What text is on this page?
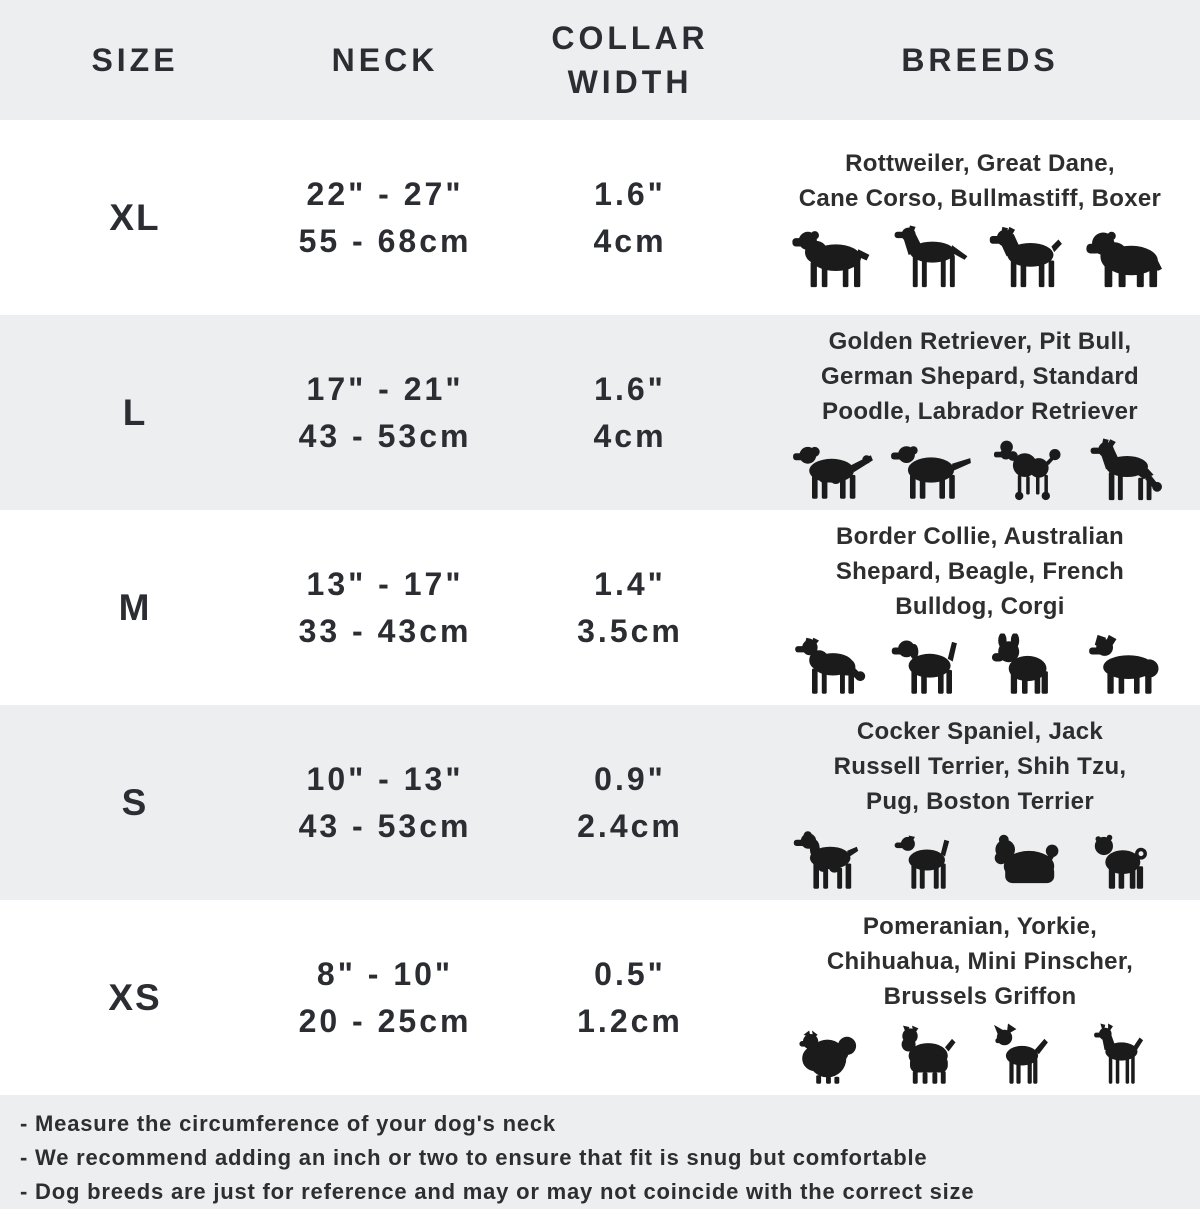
SIZE	NECK
COLLAR WIDTH
BREEDS
XL
22" - 27"
55 - 68cm
1.6"
4cm

Rottweiler, Great Dane,
Cane Corso, Bullmastiff, Boxer

L
17" - 21"
43 - 53cm
1.6"
4cm

Golden Retriever, Pit Bull,
German Shepard, Standard
Poodle, Labrador Retriever

M
13" - 17"
33 - 43cm
1.4"
3.5cm

Border Collie, Australian
Shepard, Beagle, French
Bulldog, Corgi

S
10" - 13"
43 - 53cm
0.9"
2.4cm

Cocker Spaniel, Jack
Russell Terrier, Shih Tzu,
Pug, Boston Terrier

XS
8" - 10"
20 - 25cm
0.5"
1.2cm

Pomeranian, Yorkie,
Chihuahua, Mini Pinscher,
Brussels Griffon

- Measure the circumference of your dog's neck
- We recommend adding an inch or two to ensure that fit is snug but comfortable
- Dog breeds are just for reference and may or may not coincide with the correct size
